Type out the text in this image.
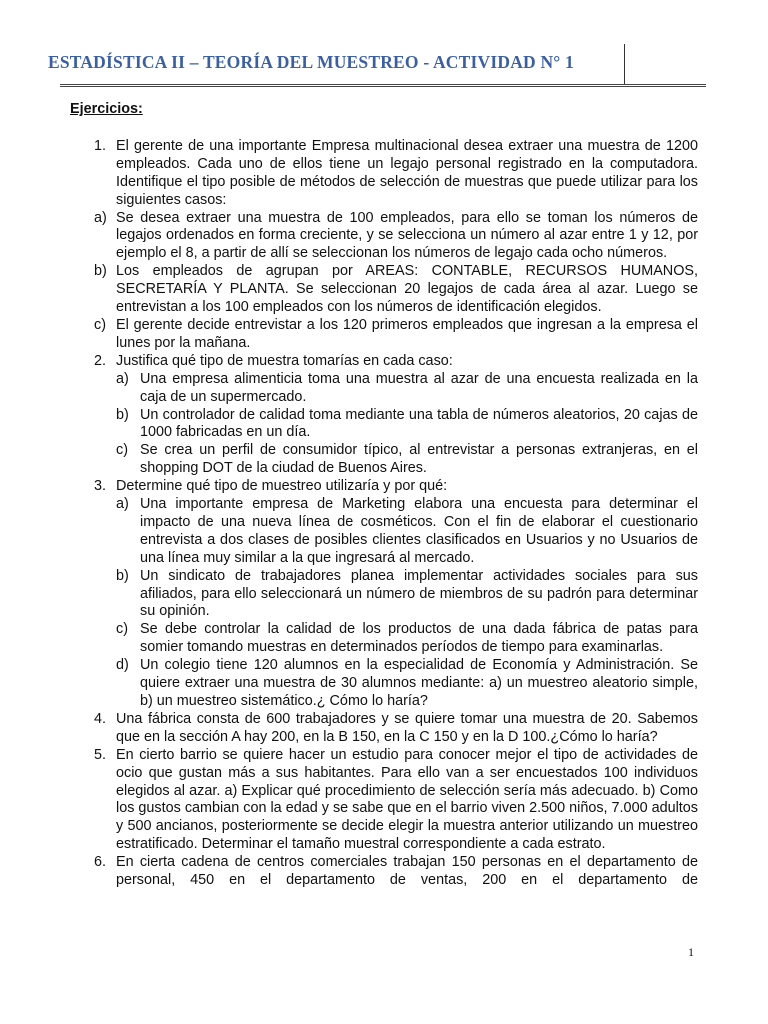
ESTADÍSTICA II – TEORÍA DEL MUESTREO - ACTIVIDAD N° 1
Ejercicios:
1. El gerente de una importante Empresa multinacional desea extraer una muestra de 1200 empleados. Cada uno de ellos tiene un legajo personal registrado en la computadora. Identifique el tipo posible de métodos de selección de muestras que puede utilizar para los siguientes casos:
a) Se desea extraer una muestra de 100 empleados, para ello se toman los números de legajos ordenados en forma creciente, y se selecciona un número al azar entre 1 y 12, por ejemplo el 8, a partir de allí se seleccionan los números de legajo cada ocho números.
b) Los empleados de agrupan por AREAS: CONTABLE, RECURSOS HUMANOS, SECRETARÍA Y PLANTA. Se seleccionan 20 legajos de cada área al azar. Luego se entrevistan a los 100 empleados con los números de identificación elegidos.
c) El gerente decide entrevistar a los 120 primeros empleados que ingresan a la empresa el lunes por la mañana.
2. Justifica qué tipo de muestra tomarías en cada caso:
a) Una empresa alimenticia toma una muestra al azar de una encuesta realizada en la caja de un supermercado.
b) Un controlador de calidad toma mediante una tabla de números aleatorios, 20 cajas de 1000 fabricadas en un día.
c) Se crea un perfil de consumidor típico, al entrevistar a personas extranjeras, en el shopping DOT de la ciudad de Buenos Aires.
3. Determine qué tipo de muestreo utilizaría y por qué:
a) Una importante empresa de Marketing elabora una encuesta para determinar el impacto de una nueva línea de cosméticos. Con el fin de elaborar el cuestionario entrevista a dos clases de posibles clientes clasificados en Usuarios y no Usuarios de una línea muy similar a la que ingresará al mercado.
b) Un sindicato de trabajadores planea implementar actividades sociales para sus afiliados, para ello seleccionará un número de miembros de su padrón para determinar su opinión.
c) Se debe controlar la calidad de los productos de una dada fábrica de patas para somier tomando muestras en determinados períodos de tiempo para examinarlas.
d) Un colegio tiene 120 alumnos en la especialidad de Economía y Administración. Se quiere extraer una muestra de 30 alumnos mediante: a) un muestreo aleatorio simple, b) un muestreo sistemático.¿ Cómo lo haría?
4. Una fábrica consta de 600 trabajadores y se quiere tomar una muestra de 20. Sabemos que en la sección A hay 200, en la B 150, en la C 150 y en la D 100.¿Cómo lo haría?
5. En cierto barrio se quiere hacer un estudio para conocer mejor el tipo de actividades de ocio que gustan más a sus habitantes. Para ello van a ser encuestados 100 individuos elegidos al azar. a) Explicar qué procedimiento de selección sería más adecuado. b) Como los gustos cambian con la edad y se sabe que en el barrio viven 2.500 niños, 7.000 adultos y 500 ancianos, posteriormente se decide elegir la muestra anterior utilizando un muestreo estratificado. Determinar el tamaño muestral correspondiente a cada estrato.
6. En cierta cadena de centros comerciales trabajan 150 personas en el departamento de personal, 450 en el departamento de ventas, 200 en el departamento de
1
